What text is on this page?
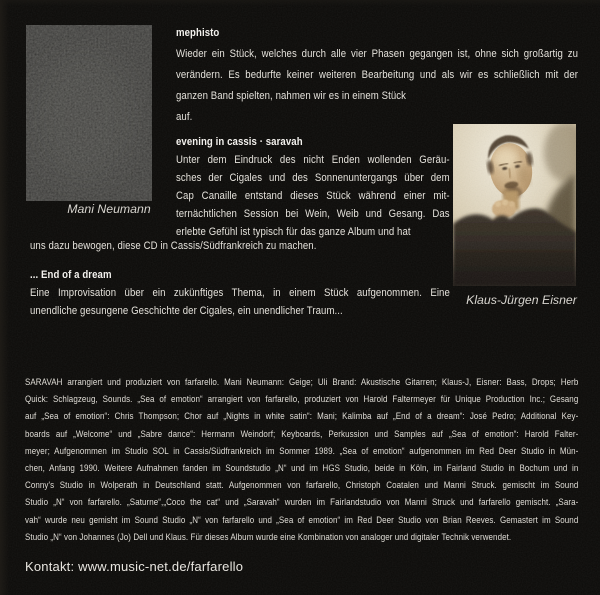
Mani Neumann
Klaus-Jürgen Eisner
mephisto
Wieder ein Stück, welches durch alle vier Phasen gegangen ist, ohne sich großartig zu
verändern. Es bedurfte keiner weiteren Bearbeitung und als wir es schließlich mit der
ganzen Band spielten, nahmen wir es in einem Stück
auf.
evening in cassis · saravah
Unter dem Eindruck des nicht Enden wollenden Geräu-
sches der Cigales und des Sonnenuntergangs über dem
Cap Canaille entstand dieses Stück während einer mit-
ternächtlichen Session bei Wein, Weib und Gesang. Das
erlebte Gefühl ist typisch für das ganze Album und hat
uns dazu bewogen, diese CD in Cassis/Südfrankreich zu machen.
... End of a dream
Eine Improvisation über ein zukünftiges Thema, in einem Stück aufgenommen. Eine
unendliche gesungene Geschichte der Cigales, ein unendlicher Traum...
SARAVAH arrangiert und produziert von farfarello. Mani Neumann: Geige; Uli Brand: Akustische Gitarren; Klaus-J, Eisner: Bass, Drops; Herb
Quick: Schlagzeug, Sounds. „Sea of emotion“ arrangiert von farfarello, produziert von Harold Faltermeyer für Unique Production Inc.; Gesang
auf „Sea of emotion“: Chris Thompson; Chor auf „Nights in white satin“: Mani; Kalimba auf „End of a dream“: José Pedro; Additional Key-
boards auf „Welcome“ und „Sabre dance“: Hermann Weindorf; Keyboards, Perkussion und Samples auf „Sea of emotion“: Harold Falter-
meyer; Aufgenommen im Studio SOL in Cassis/Südfrankreich im Sommer 1989. „Sea of emotion“ aufgenommen im Red Deer Studio in Mün-
chen, Anfang 1990. Weitere Aufnahmen fanden im Soundstudio „N“ und im HGS Studio, beide in Köln, im Fairland Studio in Bochum und in
Conny's Studio in Wolperath in Deutschland statt. Aufgenommen von farfarello, Christoph Coatalen und Manni Struck. gemischt im Sound
Studio „N“ von farfarello. „Saturne“,„Coco the cat“ und „Saravah“ wurden im Fairlandstudio von Manni Struck und farfarello gemischt. „Sara-
vah“ wurde neu gemisht im Sound Studio „N“ von farfarello und „Sea of emotion“ im Red Deer Studio von Brian Reeves. Gemastert im Sound
Studio „N“ von Johannes (Jo) Dell und Klaus. Für dieses Album wurde eine Kombination von analoger und digitaler Technik verwendet.
Kontakt: www.music-net.de/farfarello
